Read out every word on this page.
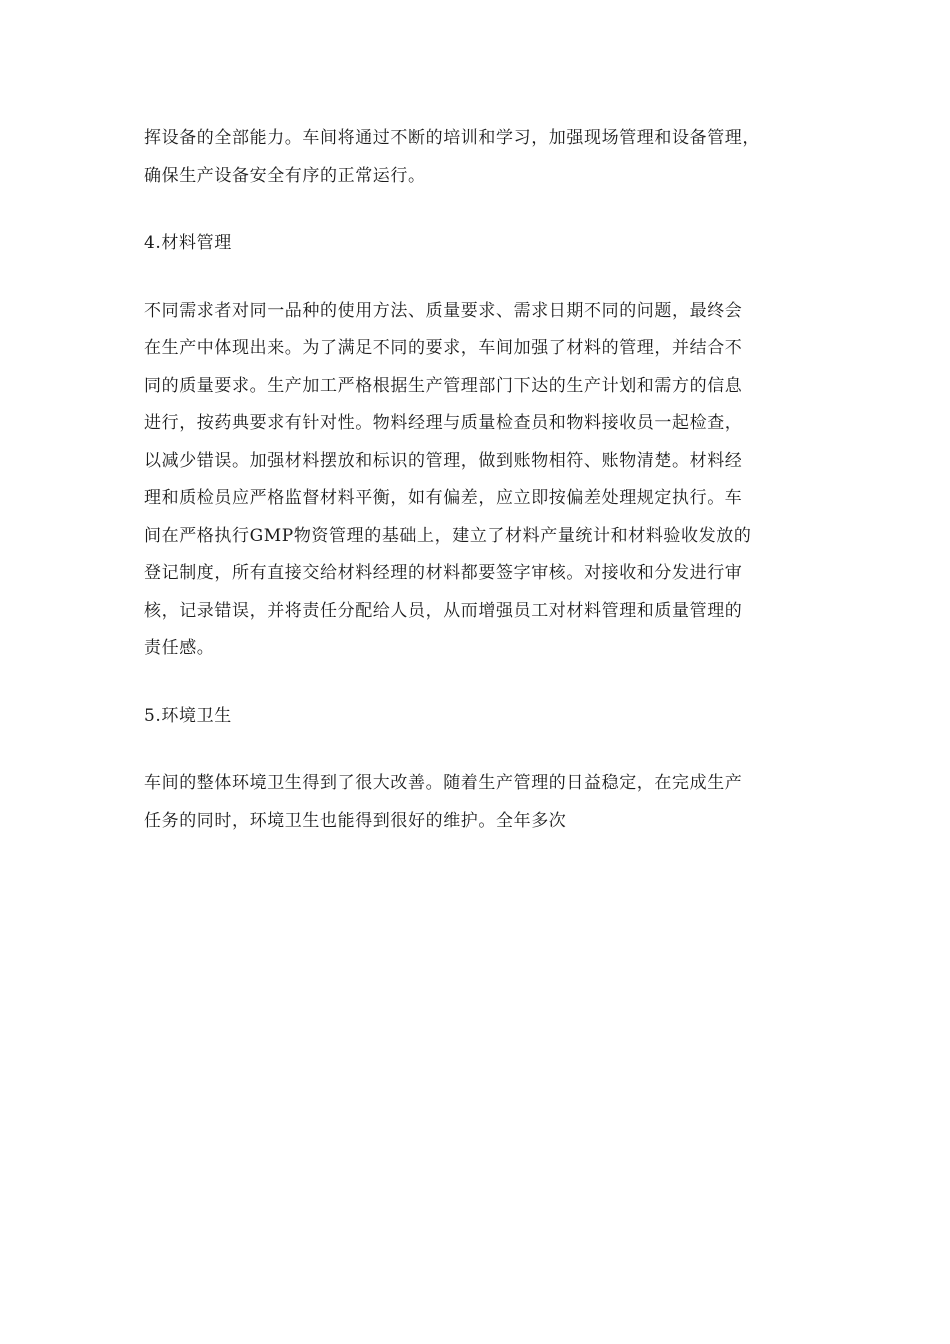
挥设备的全部能力。车间将通过不断的培训和学习，加强现场管理和设备管理，
确保生产设备安全有序的正常运行。

4.材料管理

不同需求者对同一品种的使用方法、质量要求、需求日期不同的问题，最终会
在生产中体现出来。为了满足不同的要求，车间加强了材料的管理，并结合不
同的质量要求。生产加工严格根据生产管理部门下达的生产计划和需方的信息
进行，按药典要求有针对性。物料经理与质量检查员和物料接收员一起检查，
以减少错误。加强材料摆放和标识的管理，做到账物相符、账物清楚。材料经
理和质检员应严格监督材料平衡，如有偏差，应立即按偏差处理规定执行。车
间在严格执行GMP物资管理的基础上，建立了材料产量统计和材料验收发放的
登记制度，所有直接交给材料经理的材料都要签字审核。对接收和分发进行审
核，记录错误，并将责任分配给人员，从而增强员工对材料管理和质量管理的
责任感。

5.环境卫生

车间的整体环境卫生得到了很大改善。随着生产管理的日益稳定，在完成生产
任务的同时，环境卫生也能得到很好的维护。全年多次
